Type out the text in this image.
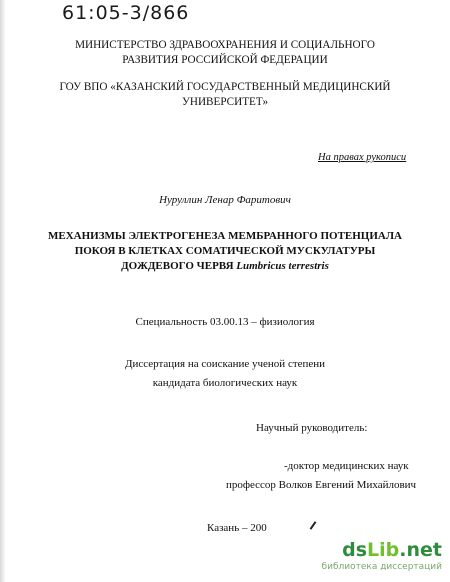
61:05-3/866
МИНИСТЕРСТВО ЗДРАВООХРАНЕНИЯ И СОЦИАЛЬНОГО
РАЗВИТИЯ РОССИЙСКОЙ ФЕДЕРАЦИИ
ГОУ ВПО «КАЗАНСКИЙ ГОСУДАРСТВЕННЫЙ МЕДИЦИНСКИЙ
УНИВЕРСИТЕТ»
На правах рукописи
Нуруллин Ленар Фаритович
МЕХАНИЗМЫ ЭЛЕКТРОГЕНЕЗА МЕМБРАННОГО ПОТЕНЦИАЛА
ПОКОЯ В КЛЕТКАХ СОМАТИЧЕСКОЙ МУСКУЛАТУРЫ
ДОЖДЕВОГО ЧЕРВЯ Lumbricus terrestris
Специальность 03.00.13 – физиология
Диссертация на соискание ученой степени
кандидата биологических наук
Научный руководитель:
-доктор медицинских наук
профессор Волков Евгений Михайлович
Казань – 200
dsLib.net
библиотека диссертаций
